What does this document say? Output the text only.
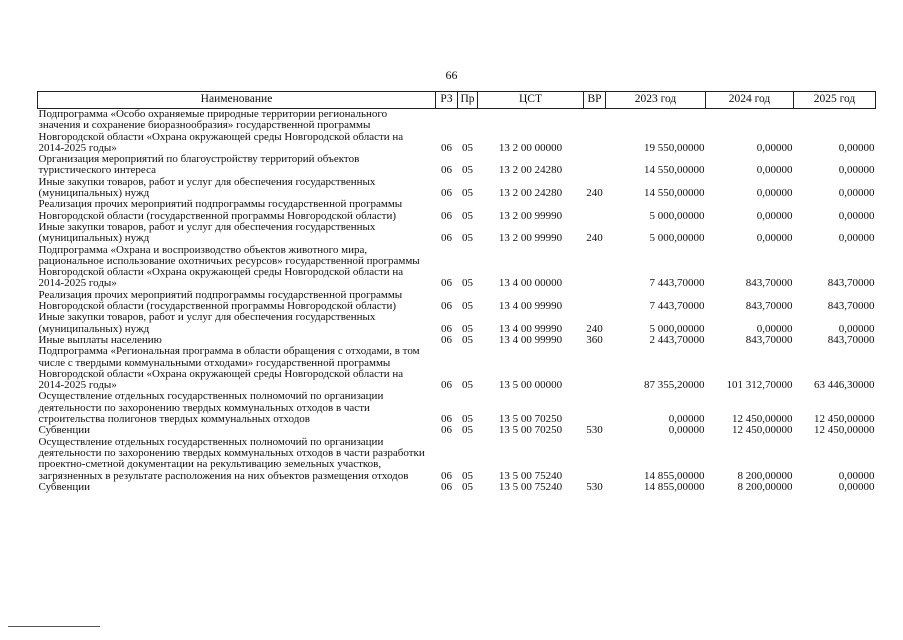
66
Наименование	РЗ	Пр	ЦСТ	ВР	2023 год	2024 год	2025 год
Подпрограмма «Особо охраняемые природные территории регионального значения и сохранение биоразнообразия» государственной программы Новгородской области «Охрана окружающей среды Новгородской области на 2014-2025 годы»	06	05	13 2 00 00000		19 550,00000	0,00000	0,00000
Организация мероприятий по благоустройству территорий объектов туристического интереса	06	05	13 2 00 24280		14 550,00000	0,00000	0,00000
Иные закупки товаров, работ и услуг для обеспечения государственных (муниципальных) нужд	06	05	13 2 00 24280	240	14 550,00000	0,00000	0,00000
Реализация прочих мероприятий подпрограммы государственной программы Новгородской области (государственной программы Новгородской области)	06	05	13 2 00 99990		5 000,00000	0,00000	0,00000
Иные закупки товаров, работ и услуг для обеспечения государственных (муниципальных) нужд	06	05	13 2 00 99990	240	5 000,00000	0,00000	0,00000
Подпрограмма «Охрана и воспроизводство объектов животного мира, рациональное использование охотничьих ресурсов» государственной программы Новгородской области «Охрана окружающей среды Новгородской области на 2014-2025 годы»	06	05	13 4 00 00000		7 443,70000	843,70000	843,70000
Реализация прочих мероприятий подпрограммы государственной программы Новгородской области (государственной программы Новгородской области)	06	05	13 4 00 99990		7 443,70000	843,70000	843,70000
Иные закупки товаров, работ и услуг для обеспечения государственных (муниципальных) нужд	06	05	13 4 00 99990	240	5 000,00000	0,00000	0,00000
Иные выплаты населению	06	05	13 4 00 99990	360	2 443,70000	843,70000	843,70000
Подпрограмма «Региональная программа в области обращения с отходами, в том числе с твердыми коммунальными отходами» государственной программы Новгородской области «Охрана окружающей среды Новгородской области на 2014-2025 годы»	06	05	13 5 00 00000		87 355,20000	101 312,70000	63 446,30000
Осуществление отдельных государственных полномочий по организации деятельности по захоронению твердых коммунальных отходов в части строительства полигонов твердых коммунальных отходов	06	05	13 5 00 70250		0,00000	12 450,00000	12 450,00000
Субвенции	06	05	13 5 00 70250	530	0,00000	12 450,00000	12 450,00000
Осуществление отдельных государственных полномочий по организации деятельности по захоронению твердых коммунальных отходов в части разработки проектно-сметной документации на рекультивацию земельных участков, загрязненных в результате расположения на них объектов размещения отходов	06	05	13 5 00 75240		14 855,00000	8 200,00000	0,00000
Субвенции	06	05	13 5 00 75240	530	14 855,00000	8 200,00000	0,00000
